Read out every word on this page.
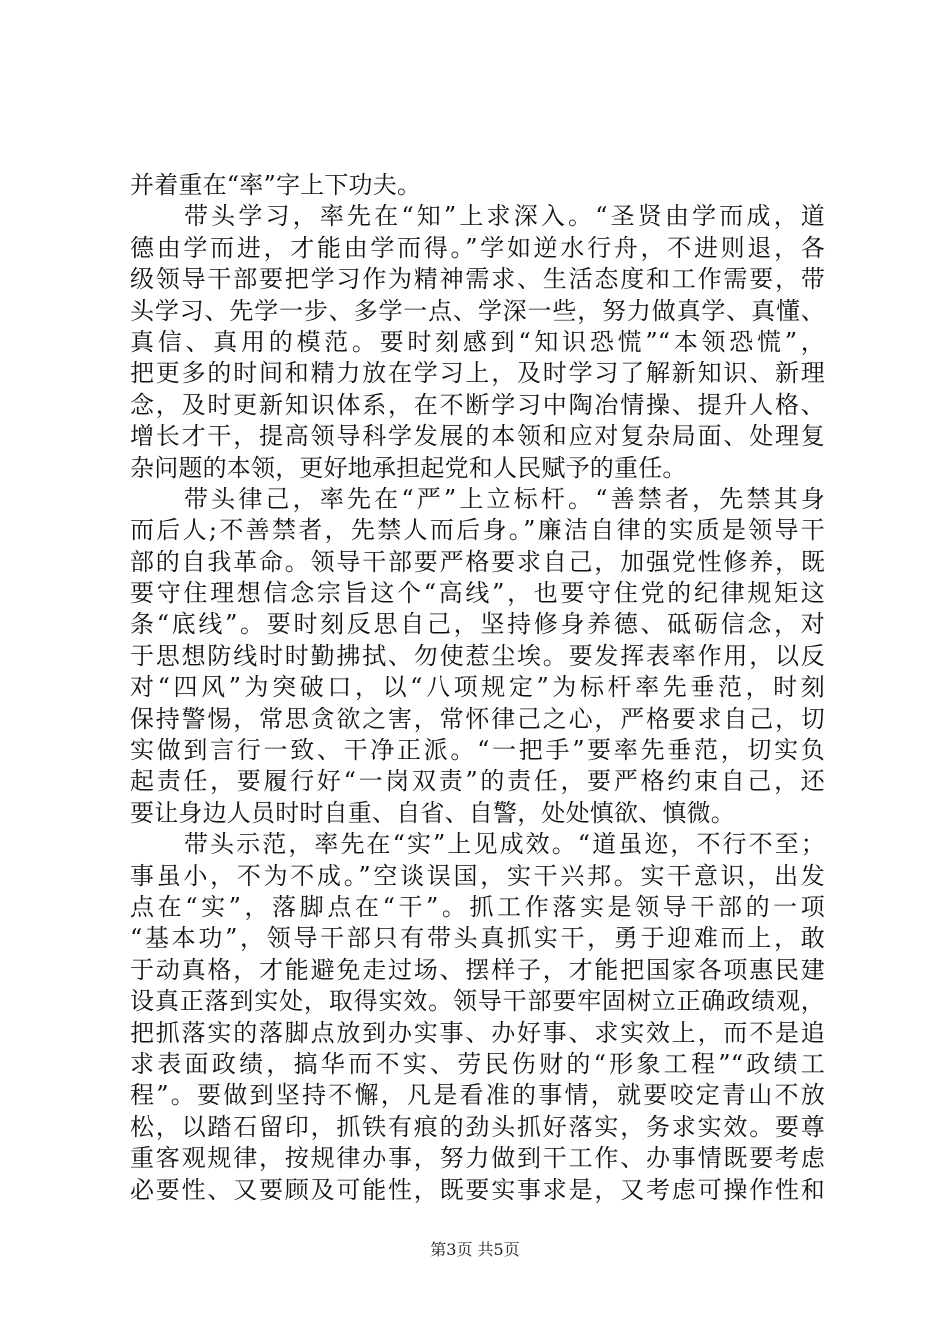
并着重在“率”字上下功夫。
带头学习，率先在“知”上求深入。“圣贤由学而成，道
德由学而进，才能由学而得。”学如逆水行舟，不进则退，各
级领导干部要把学习作为精神需求、生活态度和工作需要，带
头学习、先学一步、多学一点、学深一些，努力做真学、真懂、
真信、真用的模范。要时刻感到“知识恐慌”“本领恐慌”，
把更多的时间和精力放在学习上，及时学习了解新知识、新理
念，及时更新知识体系，在不断学习中陶冶情操、提升人格、
增长才干，提高领导科学发展的本领和应对复杂局面、处理复
杂问题的本领，更好地承担起党和人民赋予的重任。
带头律己，率先在“严”上立标杆。“善禁者，先禁其身
而后人;不善禁者，先禁人而后身。”廉洁自律的实质是领导干
部的自我革命。领导干部要严格要求自己，加强党性修养，既
要守住理想信念宗旨这个“高线”，也要守住党的纪律规矩这
条“底线”。要时刻反思自己，坚持修身养德、砥砺信念，对
于思想防线时时勤拂拭、勿使惹尘埃。要发挥表率作用，以反
对“四风”为突破口，以“八项规定”为标杆率先垂范，时刻
保持警惕，常思贪欲之害，常怀律己之心，严格要求自己，切
实做到言行一致、干净正派。“一把手”要率先垂范，切实负
起责任，要履行好“一岗双责”的责任，要严格约束自己，还
要让身边人员时时自重、自省、自警，处处慎欲、慎微。
带头示范，率先在“实”上见成效。“道虽迩，不行不至；
事虽小，不为不成。”空谈误国，实干兴邦。实干意识，出发
点在“实”，落脚点在“干”。抓工作落实是领导干部的一项
“基本功”，领导干部只有带头真抓实干，勇于迎难而上，敢
于动真格，才能避免走过场、摆样子，才能把国家各项惠民建
设真正落到实处，取得实效。领导干部要牢固树立正确政绩观，
把抓落实的落脚点放到办实事、办好事、求实效上，而不是追
求表面政绩，搞华而不实、劳民伤财的“形象工程”“政绩工
程”。要做到坚持不懈，凡是看准的事情，就要咬定青山不放
松，以踏石留印，抓铁有痕的劲头抓好落实，务求实效。要尊
重客观规律，按规律办事，努力做到干工作、办事情既要考虑
必要性、又要顾及可能性，既要实事求是，又考虑可操作性和
第3页 共5页
